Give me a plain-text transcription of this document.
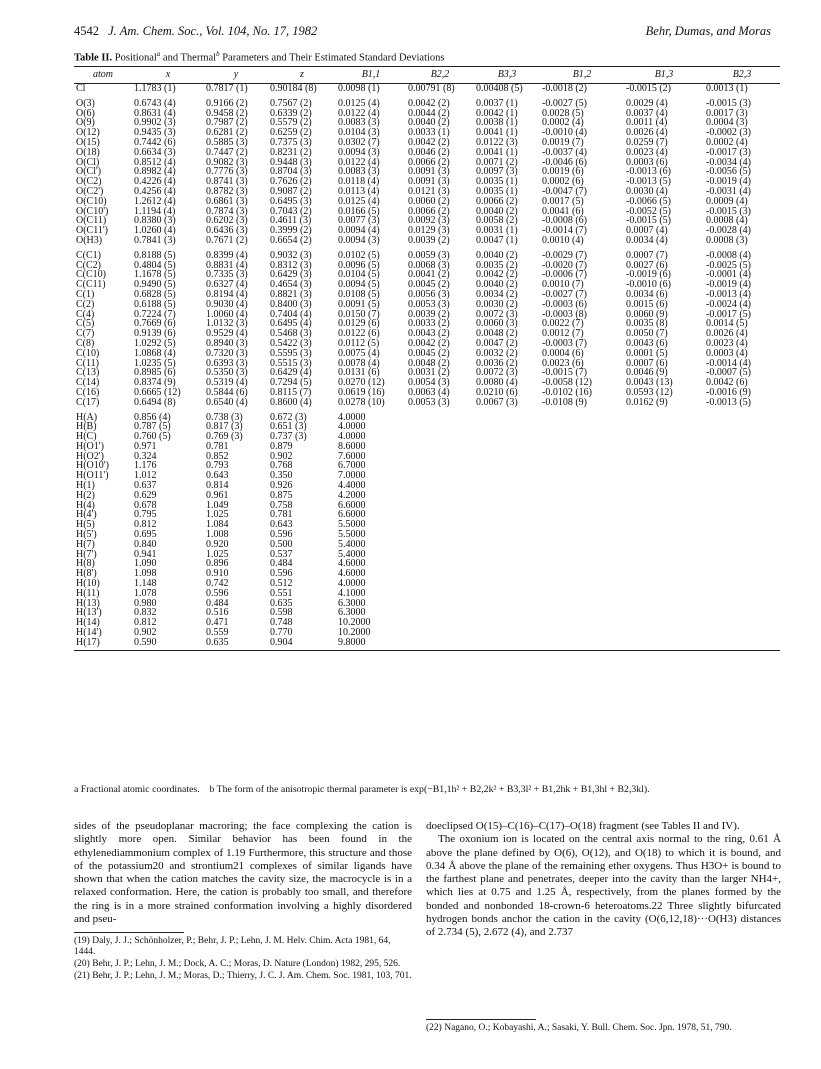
4542 J. Am. Chem. Soc., Vol. 104, No. 17, 1982	Behr, Dumas, and Moras
Table II. Positional$^a$ and Thermal$^b$ Parameters and Their Estimated Standard Deviations
atom	x	y	z	B1,1	B2,2	B3,3	B1,2	B1,3	B2,3
Cl	1.1783 (1)	0.7817 (1)	0.90184 (8)	0.0098 (1)	0.00791 (8)	0.00408 (5)	-0.0018 (2)	-0.0015 (2)	0.0013 (1)
O(3)	0.6743 (4)	0.9166 (2)	0.7567 (2)	0.0125 (4)	0.0042 (2)	0.0037 (1)	-0.0027 (5)	0.0029 (4)	-0.0015 (3)
O(6)	0.8631 (4)	0.9458 (2)	0.6339 (2)	0.0122 (4)	0.0044 (2)	0.0042 (1)	0.0028 (5)	0.0037 (4)	0.0017 (3)
O(9)	0.9902 (3)	0.7987 (2)	0.5579 (2)	0.0083 (3)	0.0040 (2)	0.0038 (1)	0.0002 (4)	0.0011 (4)	0.0004 (3)
O(12)	0.9435 (3)	0.6281 (2)	0.6259 (2)	0.0104 (3)	0.0033 (1)	0.0041 (1)	-0.0010 (4)	0.0026 (4)	-0.0002 (3)
O(15)	0.7442 (6)	0.5885 (3)	0.7375 (3)	0.0302 (7)	0.0042 (2)	0.0122 (3)	0.0019 (7)	0.0259 (7)	0.0002 (4)
O(18)	0.6634 (3)	0.7447 (2)	0.8231 (2)	0.0094 (3)	0.0046 (2)	0.0041 (1)	-0.0037 (4)	0.0023 (4)	-0.0017 (3)
O(Cl)	0.8512 (4)	0.9082 (3)	0.9448 (3)	0.0122 (4)	0.0066 (2)	0.0071 (2)	-0.0046 (6)	0.0003 (6)	-0.0034 (4)
O(Cl')	0.8982 (4)	0.7776 (3)	0.8704 (3)	0.0083 (3)	0.0091 (3)	0.0097 (3)	0.0019 (6)	-0.0013 (6)	-0.0056 (5)
O(C2)	0.4226 (4)	0.8741 (3)	0.7626 (2)	0.0118 (4)	0.0091 (3)	0.0035 (1)	0.0002 (6)	-0.0013 (5)	-0.0019 (4)
O(C2')	0.4256 (4)	0.8782 (3)	0.9087 (2)	0.0113 (4)	0.0121 (3)	0.0035 (1)	-0.0047 (7)	0.0030 (4)	-0.0031 (4)
O(C10)	1.2612 (4)	0.6861 (3)	0.6495 (3)	0.0125 (4)	0.0060 (2)	0.0066 (2)	0.0017 (5)	-0.0066 (5)	0.0009 (4)
O(C10')	1.1194 (4)	0.7874 (3)	0.7043 (2)	0.0166 (5)	0.0066 (2)	0.0040 (2)	0.0041 (6)	-0.0052 (5)	-0.0015 (3)
O(C11)	0.8380 (3)	0.6202 (3)	0.4611 (3)	0.0077 (3)	0.0092 (3)	0.0058 (2)	-0.0008 (6)	-0.0015 (5)	0.0008 (4)
O(C11')	1.0260 (4)	0.6436 (3)	0.3999 (2)	0.0094 (4)	0.0129 (3)	0.0031 (1)	-0.0014 (7)	0.0007 (4)	-0.0028 (4)
O(H3)	0.7841 (3)	0.7671 (2)	0.6654 (2)	0.0094 (3)	0.0039 (2)	0.0047 (1)	0.0010 (4)	0.0034 (4)	0.0008 (3)
C(C1)	0.8188 (5)	0.8399 (4)	0.9032 (3)	0.0102 (5)	0.0059 (3)	0.0040 (2)	-0.0029 (7)	0.0007 (7)	-0.0008 (4)
C(C2)	0.4804 (5)	0.8831 (4)	0.8312 (3)	0.0096 (5)	0.0068 (3)	0.0035 (2)	-0.0020 (7)	0.0027 (6)	-0.0025 (5)
C(C10)	1.1678 (5)	0.7335 (3)	0.6429 (3)	0.0104 (5)	0.0041 (2)	0.0042 (2)	-0.0006 (7)	-0.0019 (6)	-0.0001 (4)
C(C11)	0.9490 (5)	0.6327 (4)	0.4654 (3)	0.0094 (5)	0.0045 (2)	0.0040 (2)	0.0010 (7)	-0.0010 (6)	-0.0019 (4)
C(1)	0.6828 (5)	0.8194 (4)	0.8821 (3)	0.0108 (5)	0.0056 (3)	0.0034 (2)	-0.0027 (7)	0.0034 (6)	-0.0013 (4)
C(2)	0.6188 (5)	0.9030 (4)	0.8400 (3)	0.0091 (5)	0.0053 (3)	0.0030 (2)	-0.0003 (6)	0.0015 (6)	-0.0024 (4)
C(4)	0.7224 (7)	1.0060 (4)	0.7404 (4)	0.0150 (7)	0.0039 (2)	0.0072 (3)	-0.0003 (8)	0.0060 (9)	-0.0017 (5)
C(5)	0.7669 (6)	1.0132 (3)	0.6495 (4)	0.0129 (6)	0.0033 (2)	0.0060 (3)	0.0022 (7)	0.0035 (8)	0.0014 (5)
C(7)	0.9139 (6)	0.9529 (4)	0.5468 (3)	0.0122 (6)	0.0043 (2)	0.0048 (2)	0.0012 (7)	0.0050 (7)	0.0026 (4)
C(8)	1.0292 (5)	0.8940 (3)	0.5422 (3)	0.0112 (5)	0.0042 (2)	0.0047 (2)	-0.0003 (7)	0.0043 (6)	0.0023 (4)
C(10)	1.0868 (4)	0.7320 (3)	0.5595 (3)	0.0075 (4)	0.0045 (2)	0.0032 (2)	0.0004 (6)	0.0001 (5)	0.0003 (4)
C(11)	1.0235 (5)	0.6393 (3)	0.5515 (3)	0.0078 (4)	0.0048 (2)	0.0036 (2)	0.0023 (6)	0.0007 (6)	-0.0014 (4)
C(13)	0.8985 (6)	0.5350 (3)	0.6429 (4)	0.0131 (6)	0.0031 (2)	0.0072 (3)	-0.0015 (7)	0.0046 (9)	-0.0007 (5)
C(14)	0.8374 (9)	0.5319 (4)	0.7294 (5)	0.0270 (12)	0.0054 (3)	0.0080 (4)	-0.0058 (12)	0.0043 (13)	0.0042 (6)
C(16)	0.6665 (12)	0.5844 (6)	0.8115 (7)	0.0619 (16)	0.0063 (4)	0.0210 (6)	-0.0102 (16)	0.0593 (12)	-0.0016 (9)
C(17)	0.6494 (8)	0.6540 (4)	0.8600 (4)	0.0278 (10)	0.0053 (3)	0.0067 (3)	-0.0108 (9)	0.0162 (9)	-0.0013 (5)
H(A)	0.856 (4)	0.738 (3)	0.672 (3)	4.0000					
H(B)	0.787 (5)	0.817 (3)	0.651 (3)	4.0000					
H(C)	0.760 (5)	0.769 (3)	0.737 (3)	4.0000					
H(O1')	0.971	0.781	0.879	8.6000					
H(O2')	0.324	0.852	0.902	7.6000					
H(O10')	1.176	0.793	0.768	6.7000					
H(O11')	1.012	0.643	0.350	7.0000					
H(1)	0.637	0.814	0.926	4.4000					
H(2)	0.629	0.961	0.875	4.2000					
H(4)	0.678	1.049	0.758	6.6000					
H(4')	0.795	1.025	0.781	6.6000					
H(5)	0.812	1.084	0.643	5.5000					
H(5')	0.695	1.008	0.596	5.5000					
H(7)	0.840	0.920	0.500	5.4000					
H(7')	0.941	1.025	0.537	5.4000					
H(8)	1.090	0.896	0.484	4.6000					
H(8')	1.098	0.910	0.596	4.6000					
H(10)	1.148	0.742	0.512	4.0000					
H(11)	1.078	0.596	0.551	4.1000					
H(13)	0.980	0.484	0.635	6.3000					
H(13')	0.832	0.516	0.598	6.3000					
H(14)	0.812	0.471	0.748	10.2000					
H(14')	0.902	0.559	0.770	10.2000					
H(17)	0.590	0.635	0.904	9.8000					
a Fractional atomic coordinates. b The form of the anisotropic thermal parameter is exp(−B1,1h² + B2,2k² + B3,3l² + B1,2hk + B1,3hl + B2,3kl).

sides of the pseudoplanar macroring; the face complexing the cation is slightly more open. Similar behavior has been found in the ethylenediammonium complex of 1.19 Furthermore, this structure and those of the potassium20 and strontium21 complexes of similar ligands have shown that when the cation matches the cavity size, the macrocycle is in a relaxed conformation. Here, the cation is probably too small, and therefore the ring is in a more strained conformation involving a highly disordered and pseu-

(19) Daly, J. J.; Schönholzer, P.; Behr, J. P.; Lehn, J. M. Helv. Chim. Acta 1981, 64, 1444.

(20) Behr, J. P.; Lehn, J. M.; Dock, A. C.; Moras, D. Nature (London) 1982, 295, 526.

(21) Behr, J. P.; Lehn, J. M.; Moras, D.; Thierry, J. C. J. Am. Chem. Soc. 1981, 103, 701.

doeclipsed O(15)–C(16)–C(17)–O(18) fragment (see Tables II and IV).

The oxonium ion is located on the central axis normal to the ring, 0.61 Å above the plane defined by O(6), O(12), and O(18) to which it is bound, and 0.34 Å above the plane of the remaining ether oxygens. Thus H3O+ is bound to the farthest plane and penetrates, deeper into the cavity than the larger NH4+, which lies at 0.75 and 1.25 Å, respectively, from the planes formed by the bonded and nonbonded 18-crown-6 heteroatoms.22 Three slightly bifurcated hydrogen bonds anchor the cation in the cavity (O(6,12,18)···O(H3) distances of 2.734 (5), 2.672 (4), and 2.737

(22) Nagano, O.; Kobayashi, A.; Sasaki, Y. Bull. Chem. Soc. Jpn. 1978, 51, 790.
